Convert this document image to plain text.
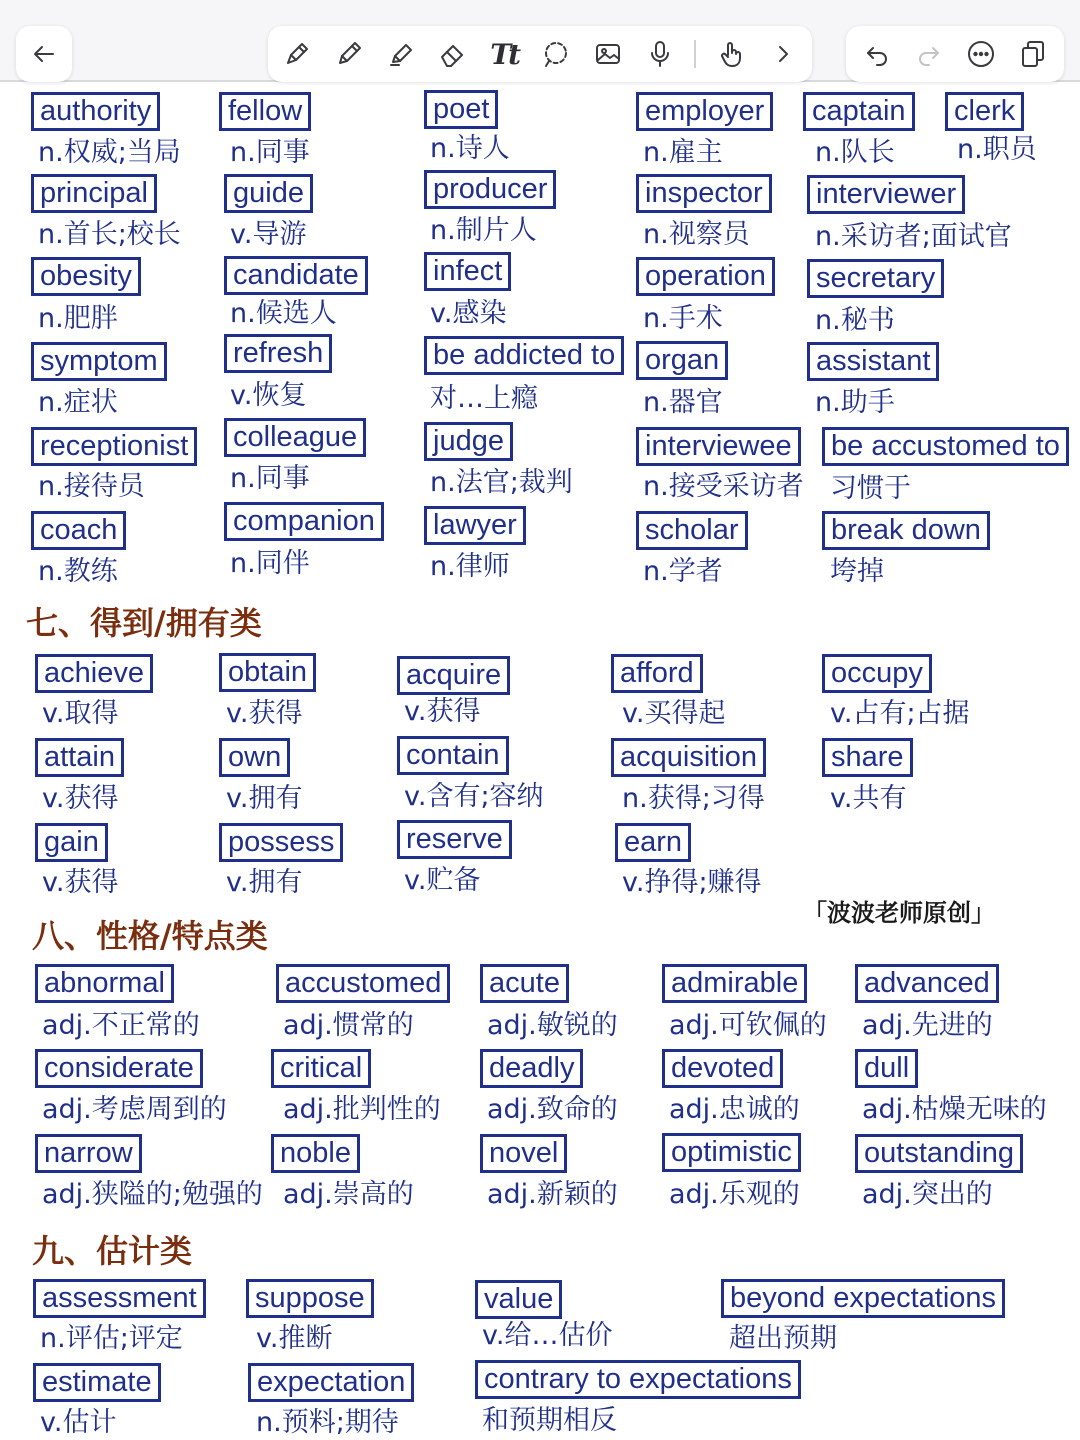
Tt
authority
n.权威;当局
fellow
n.同事
poet
n.诗人
employer
n.雇主
captain
n.队长
clerk
n.职员
principal
n.首长;校长
guide
v.导游
producer
n.制片人
inspector
n.视察员
interviewer
n.采访者;面试官
obesity
n.肥胖
candidate
n.候选人
infect
v.感染
operation
n.手术
secretary
n.秘书
symptom
n.症状
refresh
v.恢复
be addicted to
对…上瘾
organ
n.器官
assistant
n.助手
receptionist
n.接待员
colleague
n.同事
judge
n.法官;裁判
interviewee
n.接受采访者
be accustomed to
习惯于
coach
n.教练
companion
n.同伴
lawyer
n.律师
scholar
n.学者
break down
垮掉
七、得到/拥有类
achieve
v.取得
obtain
v.获得
acquire
v.获得
afford
v.买得起
occupy
v.占有;占据
attain
v.获得
own
v.拥有
contain
v.含有;容纳
acquisition
n.获得;习得
share
v.共有
gain
v.获得
possess
v.拥有
reserve
v.贮备
earn
v.挣得;赚得
「波波老师原创」
八、性格/特点类
abnormal
adj.不正常的
accustomed
adj.惯常的
acute
adj.敏锐的
admirable
adj.可钦佩的
advanced
adj.先进的
considerate
adj.考虑周到的
critical
adj.批判性的
deadly
adj.致命的
devoted
adj.忠诚的
dull
adj.枯燥无味的
narrow
adj.狭隘的;勉强的
noble
adj.崇高的
novel
adj.新颖的
optimistic
adj.乐观的
outstanding
adj.突出的
九、估计类
assessment
n.评估;评定
suppose
v.推断
value
v.给…估价
beyond expectations
超出预期
estimate
v.估计
expectation
n.预料;期待
contrary to expectations
和预期相反
